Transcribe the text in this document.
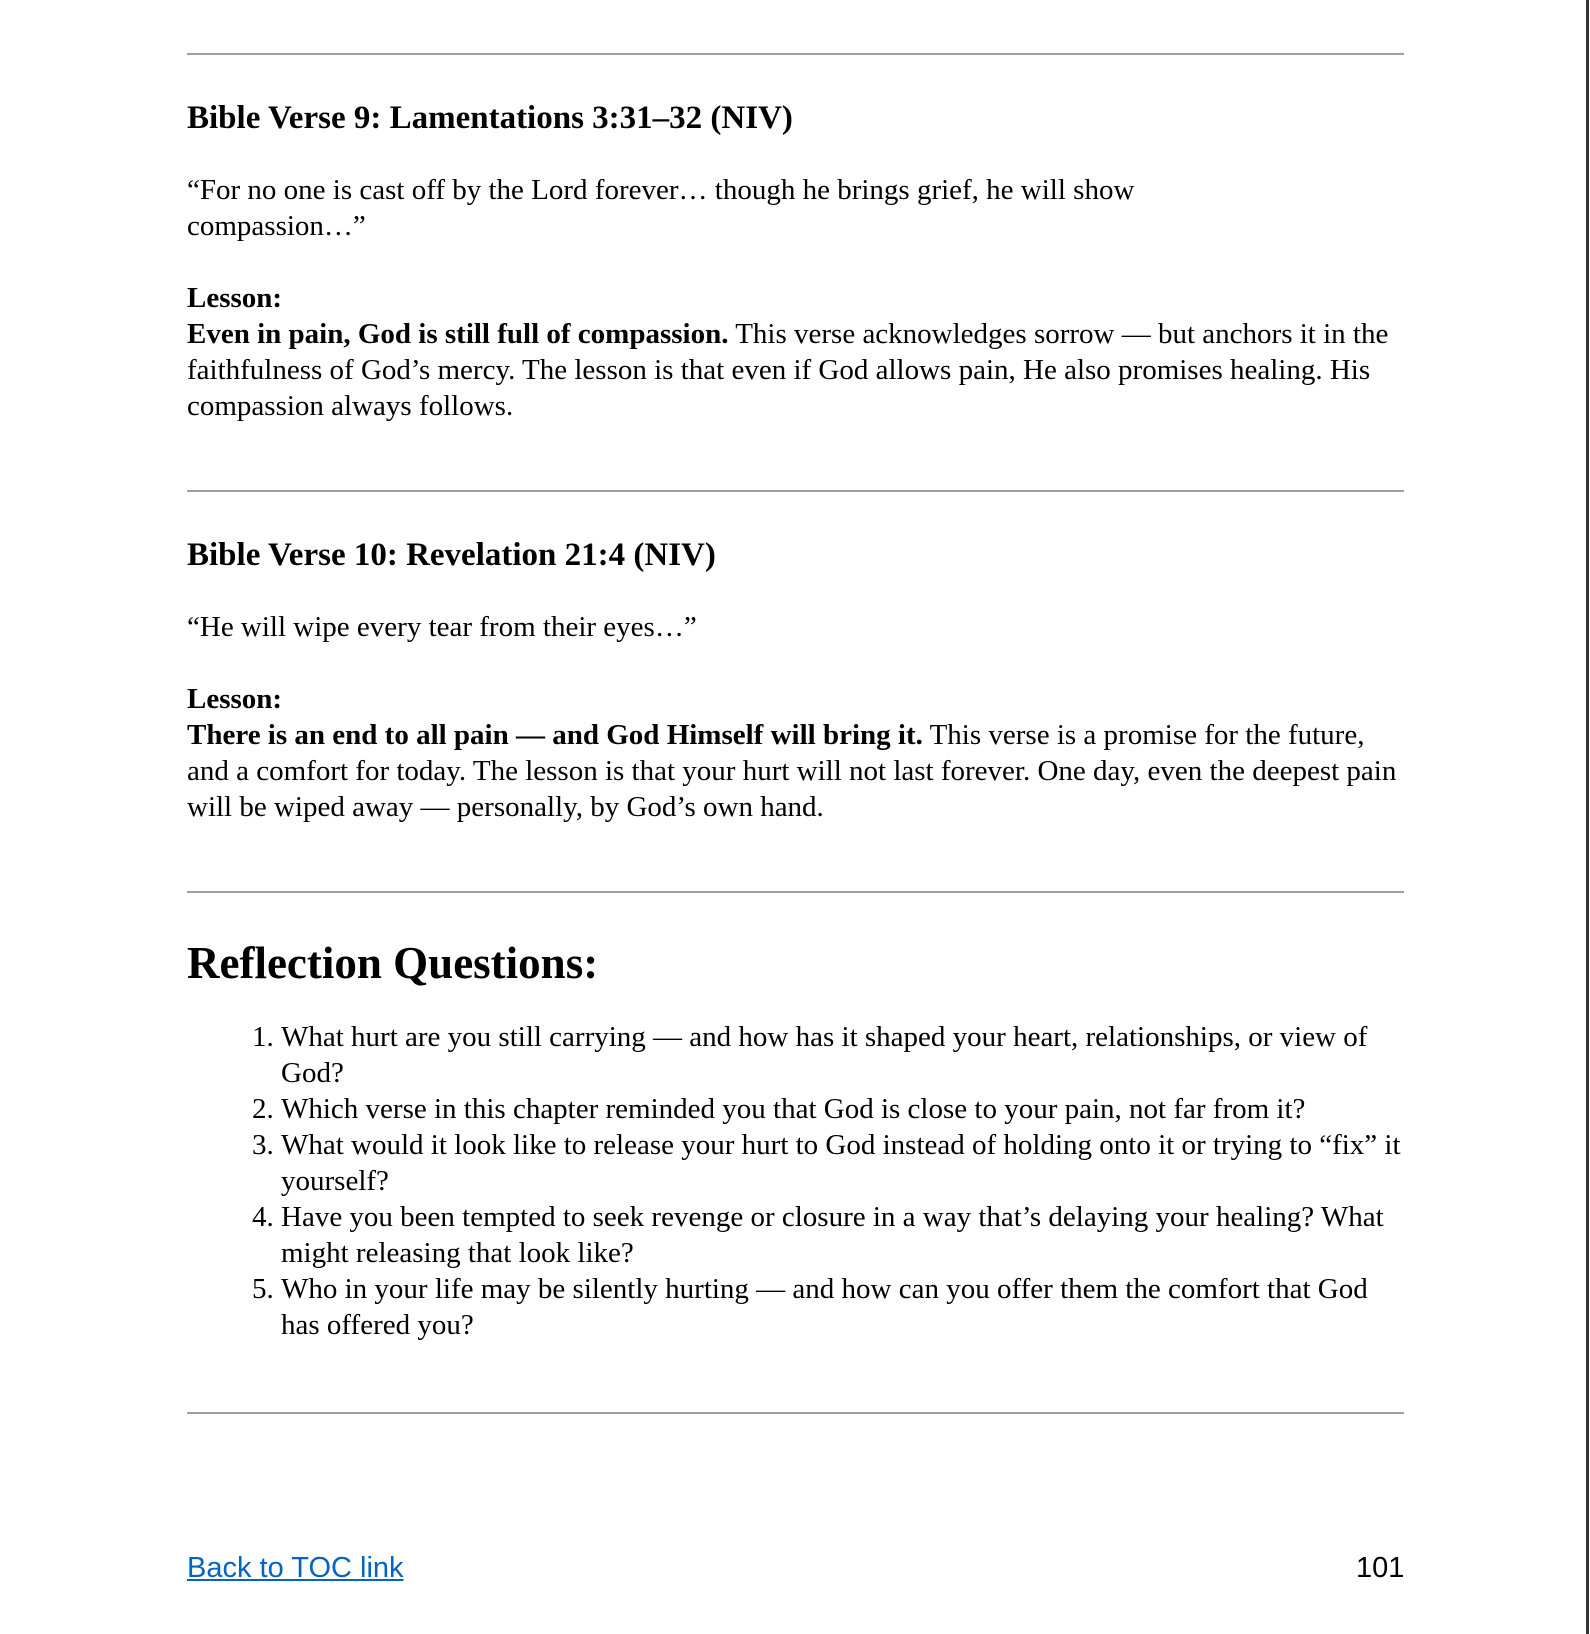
Bible Verse 9: Lamentations 3:31–32 (NIV)
“For no one is cast off by the Lord forever… though he brings grief, he will show compassion…”
Lesson:
Even in pain, God is still full of compassion. This verse acknowledges sorrow — but anchors it in the faithfulness of God’s mercy. The lesson is that even if God allows pain, He also promises healing. His compassion always follows.
Bible Verse 10: Revelation 21:4 (NIV)
“He will wipe every tear from their eyes…”
Lesson:
There is an end to all pain — and God Himself will bring it. This verse is a promise for the future, and a comfort for today. The lesson is that your hurt will not last forever. One day, even the deepest pain will be wiped away — personally, by God’s own hand.
Reflection Questions:
1. What hurt are you still carrying — and how has it shaped your heart, relationships, or view of God?
2. Which verse in this chapter reminded you that God is close to your pain, not far from it?
3. What would it look like to release your hurt to God instead of holding onto it or trying to “fix” it yourself?
4. Have you been tempted to seek revenge or closure in a way that’s delaying your healing? What might releasing that look like?
5. Who in your life may be silently hurting — and how can you offer them the comfort that God has offered you?
Back to TOC link	101
